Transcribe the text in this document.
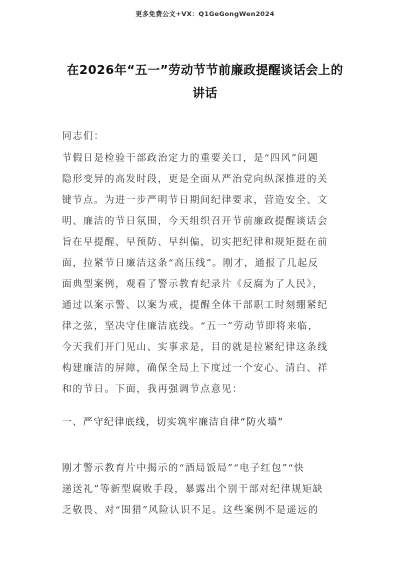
更多免费公文+VX：Q1GeGongWen2024
在2026年“五一”劳动节节前廉政提醒谈话会上的
讲话
同志们：
节假日是检验干部政治定力的重要关口，是“四风”问题
隐形变异的高发时段，更是全面从严治党向纵深推进的关
键节点。为进一步严明节日期间纪律要求，营造安全、文
明、廉洁的节日氛围，今天组织召开节前廉政提醒谈话会
旨在早提醒、早预防、早纠偏，切实把纪律和规矩挺在前
面，拉紧节日廉洁这条“高压线”。刚才，通报了几起反
面典型案例，观看了警示教育纪录片《反腐为了人民》，
通过以案示警、以案为戒，提醒全体干部职工时刻绷紧纪
律之弦，坚决守住廉洁底线。“五一”劳动节即将来临，
今天我们开门见山、实事求是，目的就是拉紧纪律这条线
构建廉洁的屏障，确保全局上下度过一个安心、清白、祥
和的节日。下面，我再强调节点意见：
一、严守纪律底线，切实筑牢廉洁自律“防火墙”
刚才警示教育片中揭示的“酒局饭局”“电子红包”“快
递送礼”等新型腐败手段，暴露出个别干部对纪律规矩缺
乏敬畏、对“围猎”风险认识不足。这些案例不是遥远的
